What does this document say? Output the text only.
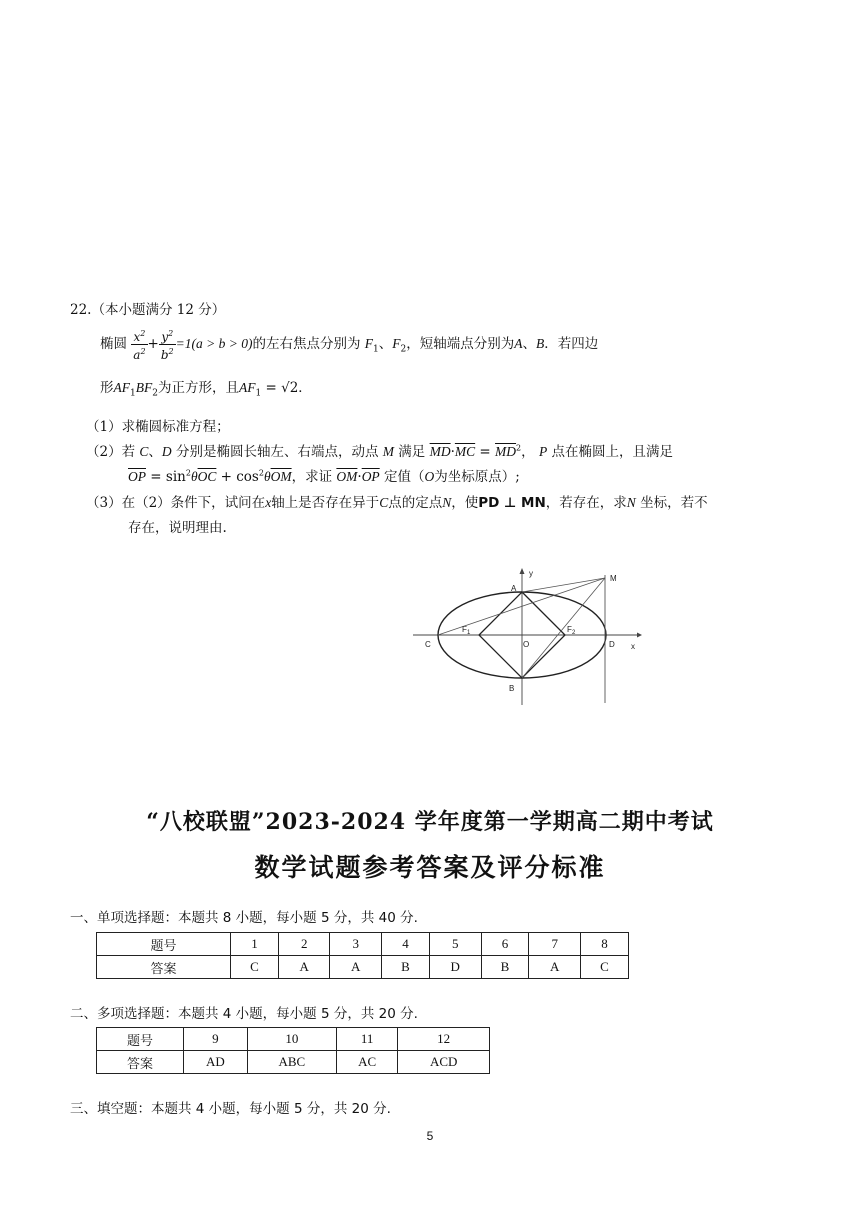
22.（本小题满分 12 分）
椭圆 $\frac{x^2}{a^2} + \frac{y^2}{b^2} =1(a > b > 0)$的左右焦点分别为 $F_1$、$F_2$，短轴端点分别为A、B．若四边
形$AF_1BF_2$为正方形，且$AF_1 = √2$．
（1）求椭圆标准方程；
（2）若 C、D 分别是椭圆长轴左、右端点，动点 M 满足 $\overline{MD}\cdot\overline{MC} = \overline{MD}^2$， P 点在椭圆上，且满足
$\overline{OP} = \sin^2\theta\overline{OC} + \cos^2\theta\overline{OM}$，求证 $\overline{OM}\cdot\overline{OP}$ 定值（O为坐标原点）;
（3）在（2）条件下，试问在x轴上是否存在异于C点的定点N，使PD ⊥ MN，若存在，求N 坐标，若不
存在，说明理由.
y
x
A
B
C	D
O
M
F 1	F 2
“八校联盟”2023-2024 学年度第一学期高二期中考试
数学试题参考答案及评分标准
一、单项选择题：本题共 8 小题，每小题 5 分，共 40 分.
题号	1	2	3	4	5	6	7	8
答案	C	A	A	B	D	B	A	C
二、多项选择题：本题共 4 小题，每小题 5 分，共 20 分.
题号	9	10	11	12
答案	AD	ABC	AC	ACD
三、填空题：本题共 4 小题，每小题 5 分，共 20 分.
5
